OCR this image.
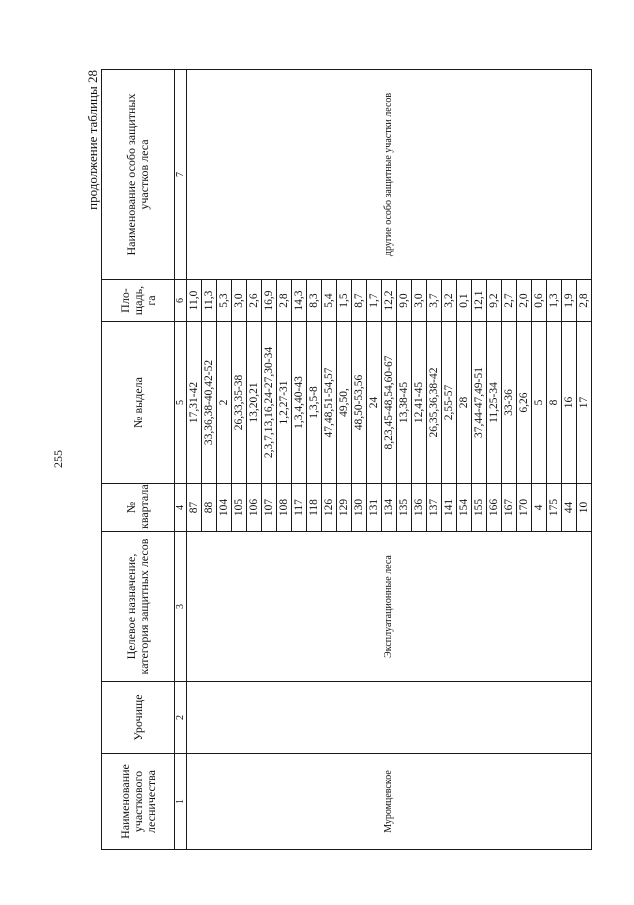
255
продолжение таблицы 28
Наименование участкового лесничества	Урочище	Целевое назначение, категория защитных лесов	№ квартала	№ выдела	Пло-щадь, га	Наименование особо защитных участков леса
1	2	3	4	5	6	7
Муромцевское		Эксплуатационные леса	87	17,31-42	11,0	другие особо защитные участки лесов
			88	33,36,38-40,42-52	11,3	
			104	2	5,3	
			105	26,33,35-38	3,0	
			106	13,20,21	2,6	
			107	2,3,7,13,16,24-27,30-34	16,9	
			108	1,2,27-31	2,8	
			117	1,3,4,40-43	14,3	
			118	1,3,5-8	8,3	
			126	47,48,51-54,57	5,4	
			129	49,50,	1,5	
			130	48,50-53,56	8,7	
			131	24	1,7	
			134	8,23,45-48,54,60-67	12,2	
			135	13,38-45	9,0	
			136	12,41-45	3,0	
			137	26,35,36,38-42	3,7	
			141	2,55-57	3,2	
			154	28	0,1	
			155	37,44-47,49-51	12,1	
			166	11,25-34	9,2	
			167	33-36	2,7	
			170	6,26	2,0	
			4	5	0,6	
			175	8	1,3	
			44	16	1,9	
			10	17	2,8	
